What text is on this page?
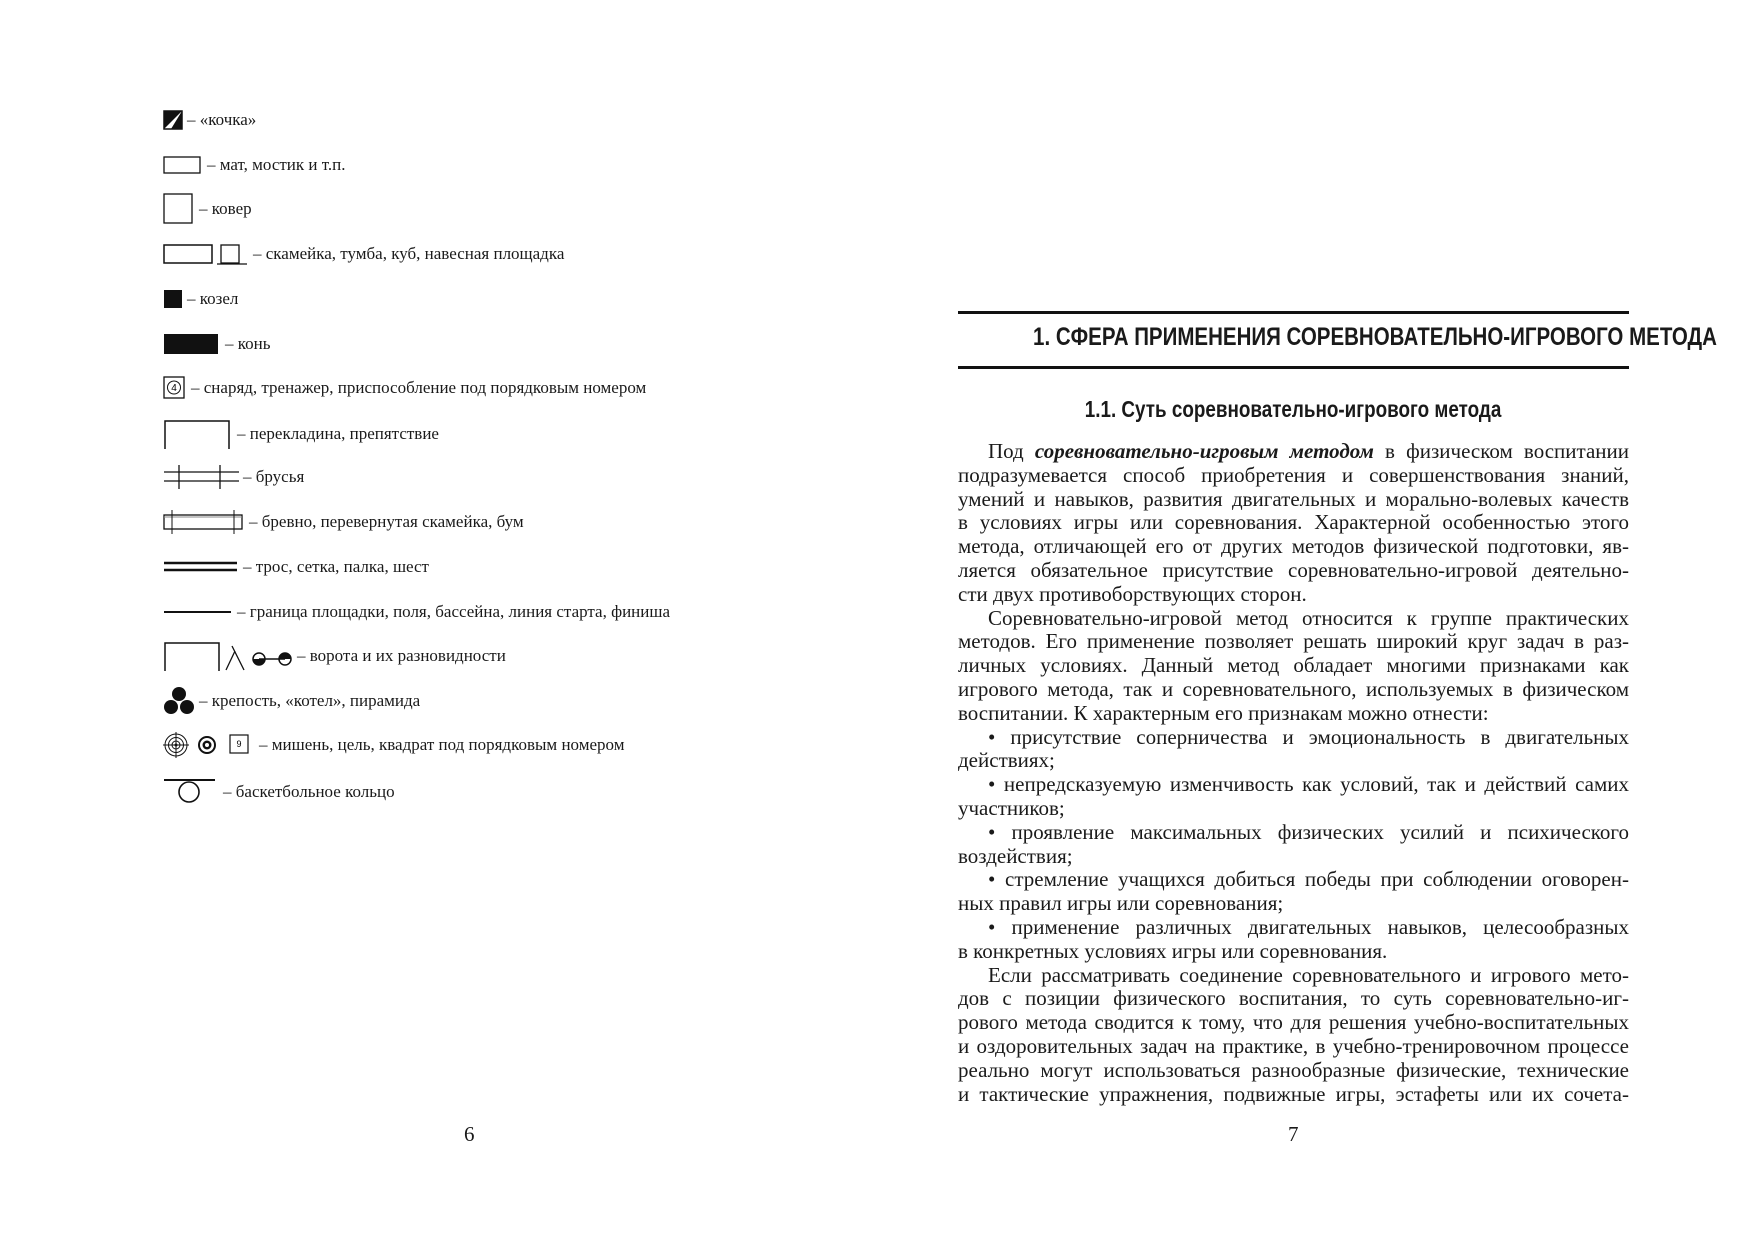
– «кочка»
– мат, мостик и т.п.
– ковер
– скамейка, тумба, куб, навесная площадка
– козел
– конь
4 – снаряд, тренажер, приспособление под порядковым номером
– перекладина, препятствие
– брусья
– бревно, перевернутая скамейка, бум
– трос, сетка, палка, шест
– граница площадки, поля, бассейна, линия старта, финиша
– ворота и их разновидности
– крепость, «котел», пирамида
9 – мишень, цель, квадрат под порядковым номером
– баскетбольное кольцо
6
1. СФЕРА ПРИМЕНЕНИЯ СОРЕВНОВАТЕЛЬНО-ИГРОВОГО МЕТОДА
1.1. Суть соревновательно-игрового метода
Под соревновательно-игровым методом в физическом воспитании
подразумевается способ приобретения и совершенствования знаний,
умений и навыков, развития двигательных и морально-волевых качеств
в условиях игры или соревнования. Характерной особенностью этого
метода, отличающей его от других методов физической подготовки, яв-
ляется обязательное присутствие соревновательно-игровой деятельно-
сти двух противоборствующих сторон.
Соревновательно-игровой метод относится к группе практических
методов. Его применение позволяет решать широкий круг задач в раз-
личных условиях. Данный метод обладает многими признаками как
игрового метода, так и соревновательного, используемых в физическом
воспитании. К характерным его признакам можно отнести:
• присутствие соперничества и эмоциональность в двигательных
действиях;
• непредсказуемую изменчивость как условий, так и действий самих
участников;
• проявление максимальных физических усилий и психического
воздействия;
• стремление учащихся добиться победы при соблюдении оговорен-
ных правил игры или соревнования;
• применение различных двигательных навыков, целесообразных
в конкретных условиях игры или соревнования.
Если рассматривать соединение соревновательного и игрового мето-
дов с позиции физического воспитания, то суть соревновательно-иг-
рового метода сводится к тому, что для решения учебно-воспитательных
и оздоровительных задач на практике, в учебно-тренировочном процессе
реально могут использоваться разнообразные физические, технические
и тактические упражнения, подвижные игры, эстафеты или их сочета-
7
